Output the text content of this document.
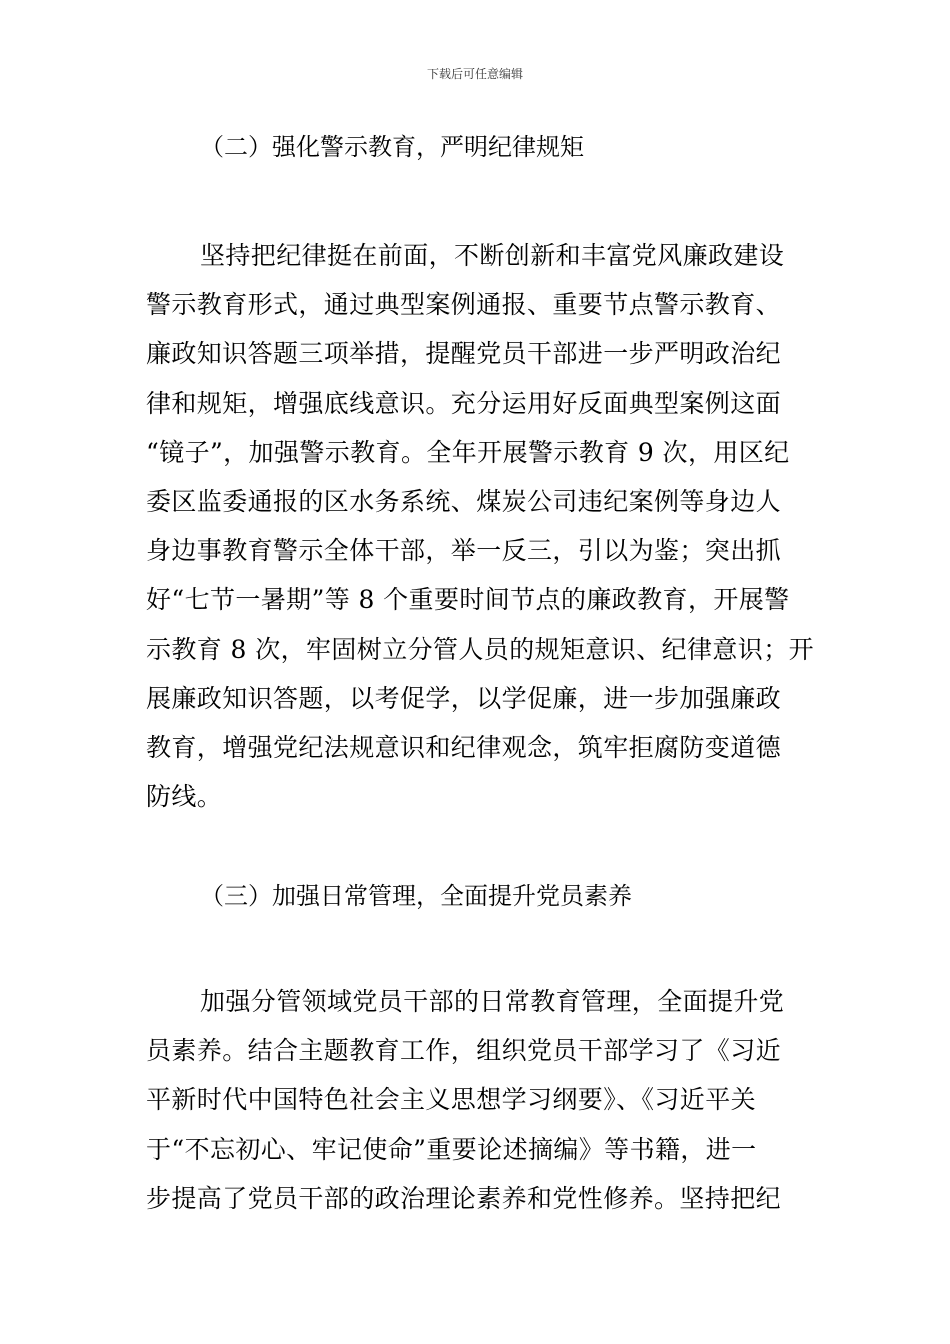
下载后可任意编辑
（二）强化警示教育，严明纪律规矩
坚持把纪律挺在前面，不断创新和丰富党风廉政建设
警示教育形式，通过典型案例通报、重要节点警示教育、
廉政知识答题三项举措，提醒党员干部进一步严明政治纪
律和规矩，增强底线意识。充分运用好反面典型案例这面
“镜子”，加强警示教育。全年开展警示教育 9 次，用区纪
委区监委通报的区水务系统、煤炭公司违纪案例等身边人
身边事教育警示全体干部，举一反三，引以为鉴；突出抓
好“七节一暑期”等 8 个重要时间节点的廉政教育，开展警
示教育 8 次，牢固树立分管人员的规矩意识、纪律意识；开
展廉政知识答题，以考促学，以学促廉，进一步加强廉政
教育，增强党纪法规意识和纪律观念，筑牢拒腐防变道德
防线。
（三）加强日常管理，全面提升党员素养
加强分管领域党员干部的日常教育管理，全面提升党
员素养。结合主题教育工作，组织党员干部学习了《习近
平新时代中国特色社会主义思想学习纲要》、《习近平关
于“不忘初心、牢记使命”重要论述摘编》等书籍，进一
步提高了党员干部的政治理论素养和党性修养。坚持把纪
